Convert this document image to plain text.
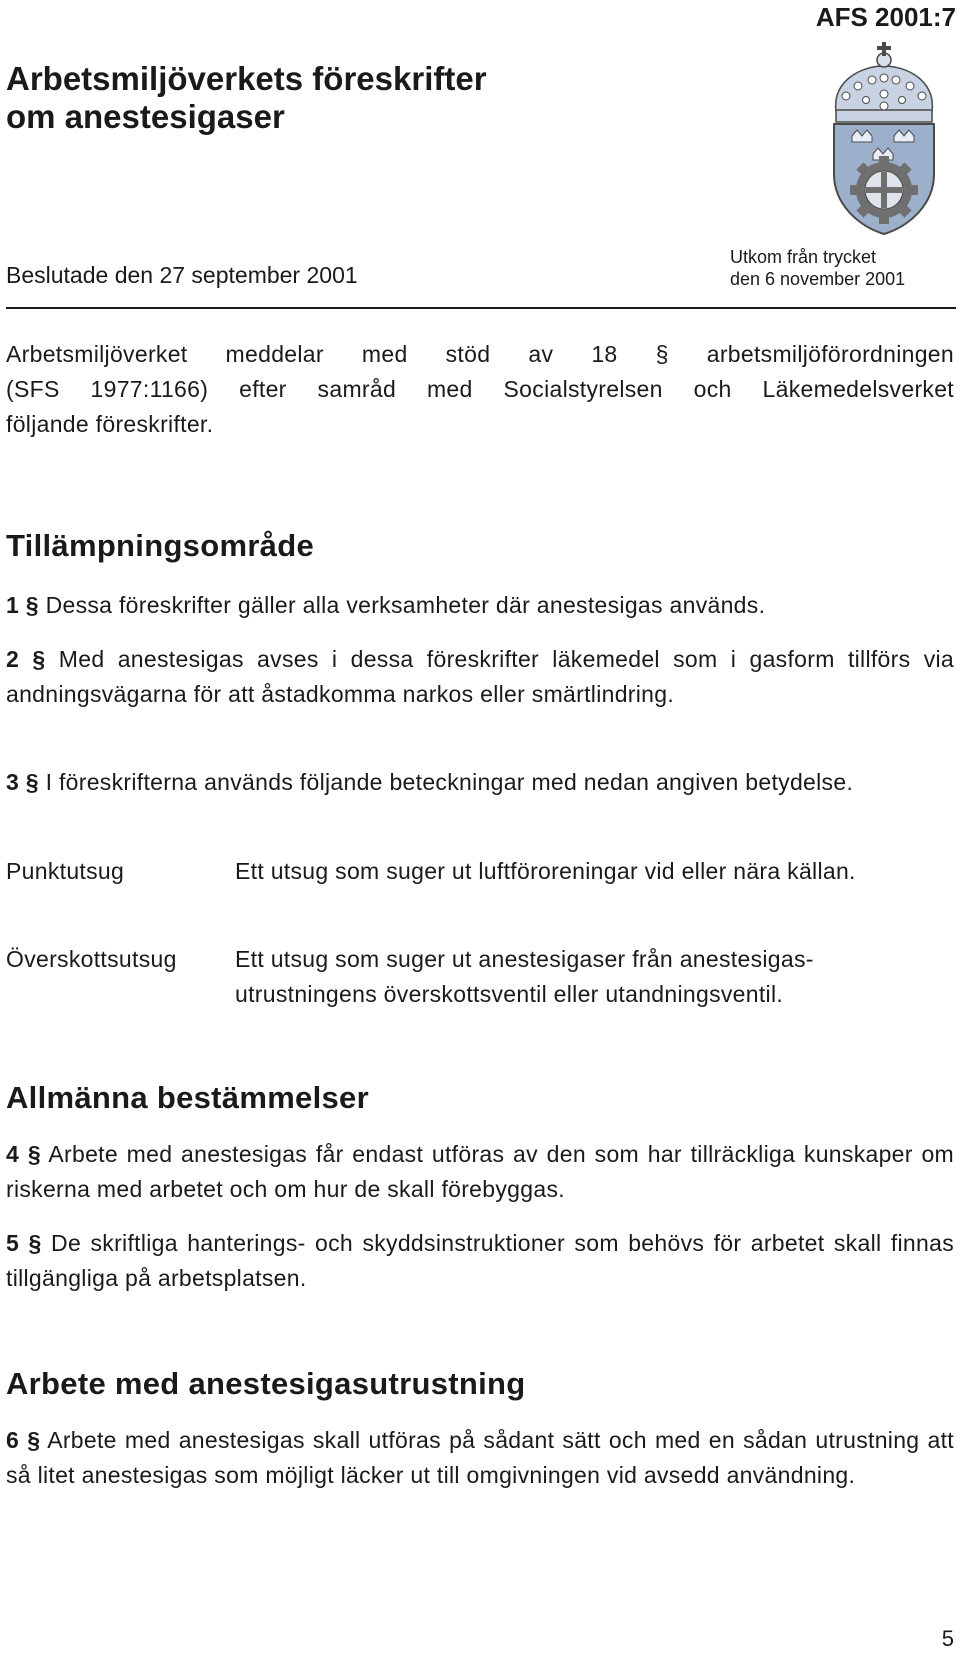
AFS 2001:7
Arbetsmiljöverkets föreskrifter
om anestesigaser
Beslutade den 27 september 2001
Utkom från trycket
den 6 november 2001
Arbetsmiljöverket meddelar med stöd av 18 § arbetsmiljöförordningen
(SFS 1977:1166) efter samråd med Socialstyrelsen och Läkemedelsverket
följande föreskrifter.
Tillämpningsområde
1 § Dessa föreskrifter gäller alla verksamheter där anestesigas används.
2 § Med anestesigas avses i dessa föreskrifter läkemedel som i gasform tillförs via andningsvägarna för att åstadkomma narkos eller smärtlindring.
3 § I föreskrifterna används följande beteckningar med nedan angiven betydelse.
Punktutsug	Ett utsug som suger ut luftföroreningar vid eller nära källan.
Överskottsutsug	Ett utsug som suger ut anestesigaser från anestesigas-utrustningens överskottsventil eller utandningsventil.
Allmänna bestämmelser
4 § Arbete med anestesigas får endast utföras av den som har tillräckliga kunskaper om riskerna med arbetet och om hur de skall förebyggas.
5 § De skriftliga hanterings- och skyddsinstruktioner som behövs för arbetet skall finnas tillgängliga på arbetsplatsen.
Arbete med anestesigasutrustning
6 § Arbete med anestesigas skall utföras på sådant sätt och med en sådan utrustning att så litet anestesigas som möjligt läcker ut till omgivningen vid avsedd användning.
5
